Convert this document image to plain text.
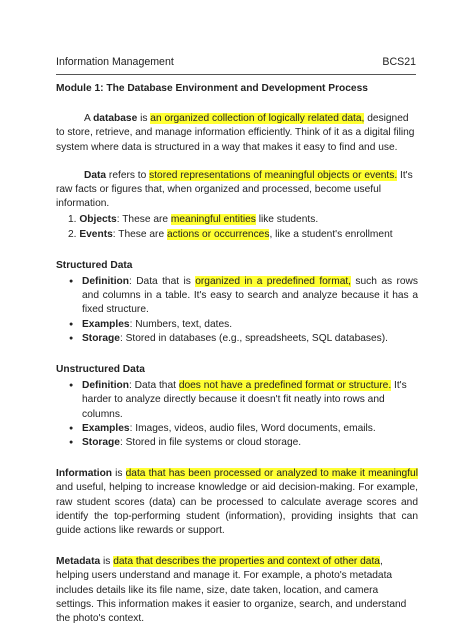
Information Management	BCS21

Module 1: The Database Environment and Development Process

A database is an organized collection of logically related data, designed to store, retrieve, and manage information efficiently. Think of it as a digital filing system where data is structured in a way that makes it easy to find and use.

Data refers to stored representations of meaningful objects or events. It's raw facts or figures that, when organized and processed, become useful information.

1. Objects: These are meaningful entities like students.
2. Events: These are actions or occurrences, like a student's enrollment

Structured Data

● Definition: Data that is organized in a predefined format, such as rows and columns in a table. It's easy to search and analyze because it has a fixed structure.
● Examples: Numbers, text, dates.
● Storage: Stored in databases (e.g., spreadsheets, SQL databases).

Unstructured Data

● Definition: Data that does not have a predefined format or structure. It's harder to analyze directly because it doesn't fit neatly into rows and columns.
● Examples: Images, videos, audio files, Word documents, emails.
● Storage: Stored in file systems or cloud storage.

Information is data that has been processed or analyzed to make it meaningful and useful, helping to increase knowledge or aid decision-making. For example, raw student scores (data) can be processed to calculate average scores and identify the top-performing student (information), providing insights that can guide actions like rewards or support.

Metadata is data that describes the properties and context of other data, helping users understand and manage it. For example, a photo's metadata includes details like its file name, size, date taken, location, and camera settings. This information makes it easier to organize, search, and understand the photo's context.
